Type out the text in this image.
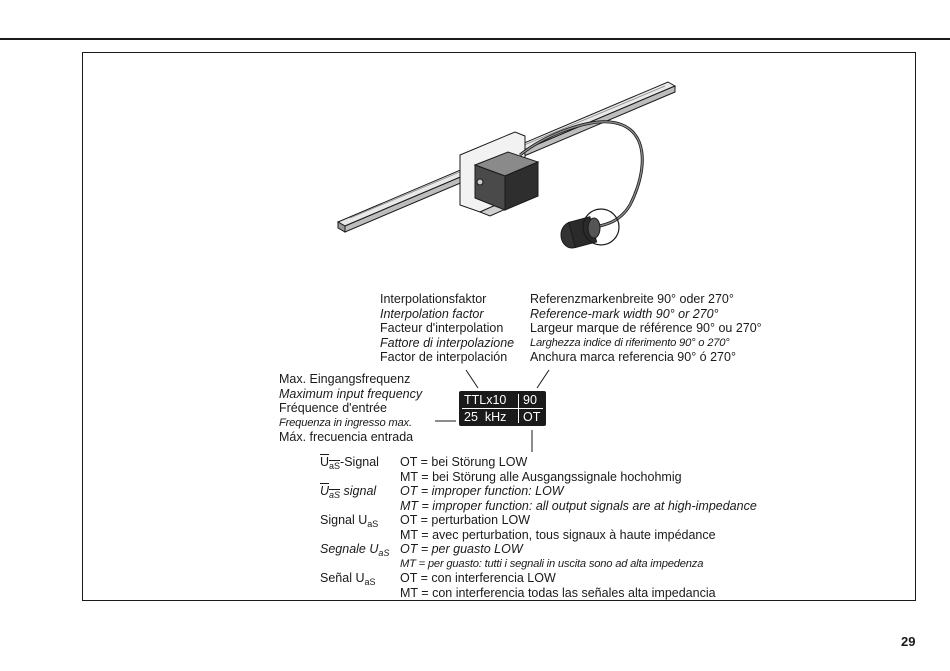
Interpolationsfaktor
Interpolation factor
Facteur d'interpolation
Fattore di interpolazione
Factor de interpolación
Referenzmarkenbreite 90° oder 270°
Reference-mark width 90° or 270°
Largeur marque de référence 90° ou 270°
Larghezza indice di riferimento 90° o 270°
Anchura marca referencia 90° ó 270°
Max. Eingangsfrequenz
Maximum input frequency
Fréquence d'entrée
Frequenza in ingresso max.
Máx. frecuencia entrada
TTLx10 90
25  kHz OT
$\overline{U}_{\overline{aS}}$-Signal OT = bei Störung LOW
MT = bei Störung alle Ausgangssignale hochohmig
$\overline{U}_{\overline{aS}}$ signal OT = improper function: LOW
MT = improper function: all output signals are at high-impedance
Signal $U_{aS}$ OT = perturbation LOW
MT = avec perturbation, tous signaux à haute impédance
Segnale $U_{aS}$ OT = per guasto LOW
MT = per guasto: tutti i segnali in uscita sono ad alta impedenza
Señal $U_{aS}$ OT = con interferencia LOW
MT = con interferencia todas las señales alta impedancia
29
